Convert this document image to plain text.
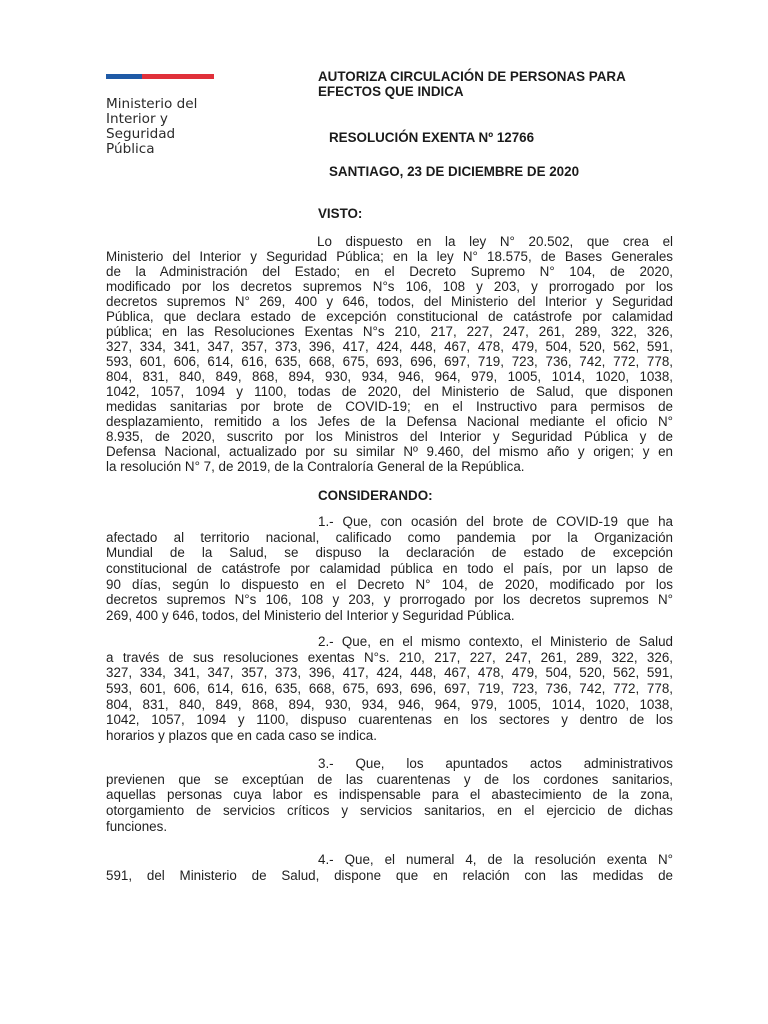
Ministerio del
Interior y
Seguridad
Pública
AUTORIZA CIRCULACIÓN DE PERSONAS PARA
EFECTOS QUE INDICA
RESOLUCIÓN EXENTA Nº 12766
SANTIAGO, 23 DE DICIEMBRE DE 2020
VISTO:
Lo dispuesto en la ley N° 20.502, que crea el
Ministerio del Interior y Seguridad Pública; en la ley N° 18.575, de Bases Generales
de la Administración del Estado; en el Decreto Supremo N° 104, de 2020,
modificado por los decretos supremos N°s 106, 108 y 203, y prorrogado por los
decretos supremos N° 269, 400 y 646, todos, del Ministerio del Interior y Seguridad
Pública, que declara estado de excepción constitucional de catástrofe por calamidad
pública; en las Resoluciones Exentas N°s 210, 217, 227, 247, 261, 289, 322, 326,
327, 334, 341, 347, 357, 373, 396, 417, 424, 448, 467, 478, 479, 504, 520, 562, 591,
593, 601, 606, 614, 616, 635, 668, 675, 693, 696, 697, 719, 723, 736, 742, 772, 778,
804, 831, 840, 849, 868, 894, 930, 934, 946, 964, 979, 1005, 1014, 1020, 1038,
1042, 1057, 1094 y 1100, todas de 2020, del Ministerio de Salud, que disponen
medidas sanitarias por brote de COVID-19; en el Instructivo para permisos de
desplazamiento, remitido a los Jefes de la Defensa Nacional mediante el oficio N°
8.935, de 2020, suscrito por los Ministros del Interior y Seguridad Pública y de
Defensa Nacional, actualizado por su similar Nº 9.460, del mismo año y origen; y en
la resolución N° 7, de 2019, de la Contraloría General de la República.
CONSIDERANDO:
1.- Que, con ocasión del brote de COVID-19 que ha
afectado al territorio nacional, calificado como pandemia por la Organización
Mundial de la Salud, se dispuso la declaración de estado de excepción
constitucional de catástrofe por calamidad pública en todo el país, por un lapso de
90 días, según lo dispuesto en el Decreto N° 104, de 2020, modificado por los
decretos supremos N°s 106, 108 y 203, y prorrogado por los decretos supremos N°
269, 400 y 646, todos, del Ministerio del Interior y Seguridad Pública.
2.- Que, en el mismo contexto, el Ministerio de Salud
a través de sus resoluciones exentas N°s. 210, 217, 227, 247, 261, 289, 322, 326,
327, 334, 341, 347, 357, 373, 396, 417, 424, 448, 467, 478, 479, 504, 520, 562, 591,
593, 601, 606, 614, 616, 635, 668, 675, 693, 696, 697, 719, 723, 736, 742, 772, 778,
804, 831, 840, 849, 868, 894, 930, 934, 946, 964, 979, 1005, 1014, 1020, 1038,
1042, 1057, 1094 y 1100, dispuso cuarentenas en los sectores y dentro de los
horarios y plazos que en cada caso se indica.
3.- Que, los apuntados actos administrativos
previenen que se exceptúan de las cuarentenas y de los cordones sanitarios,
aquellas personas cuya labor es indispensable para el abastecimiento de la zona,
otorgamiento de servicios críticos y servicios sanitarios, en el ejercicio de dichas
funciones.
4.- Que, el numeral 4, de la resolución exenta N°
591, del Ministerio de Salud, dispone que en relación con las medidas de
